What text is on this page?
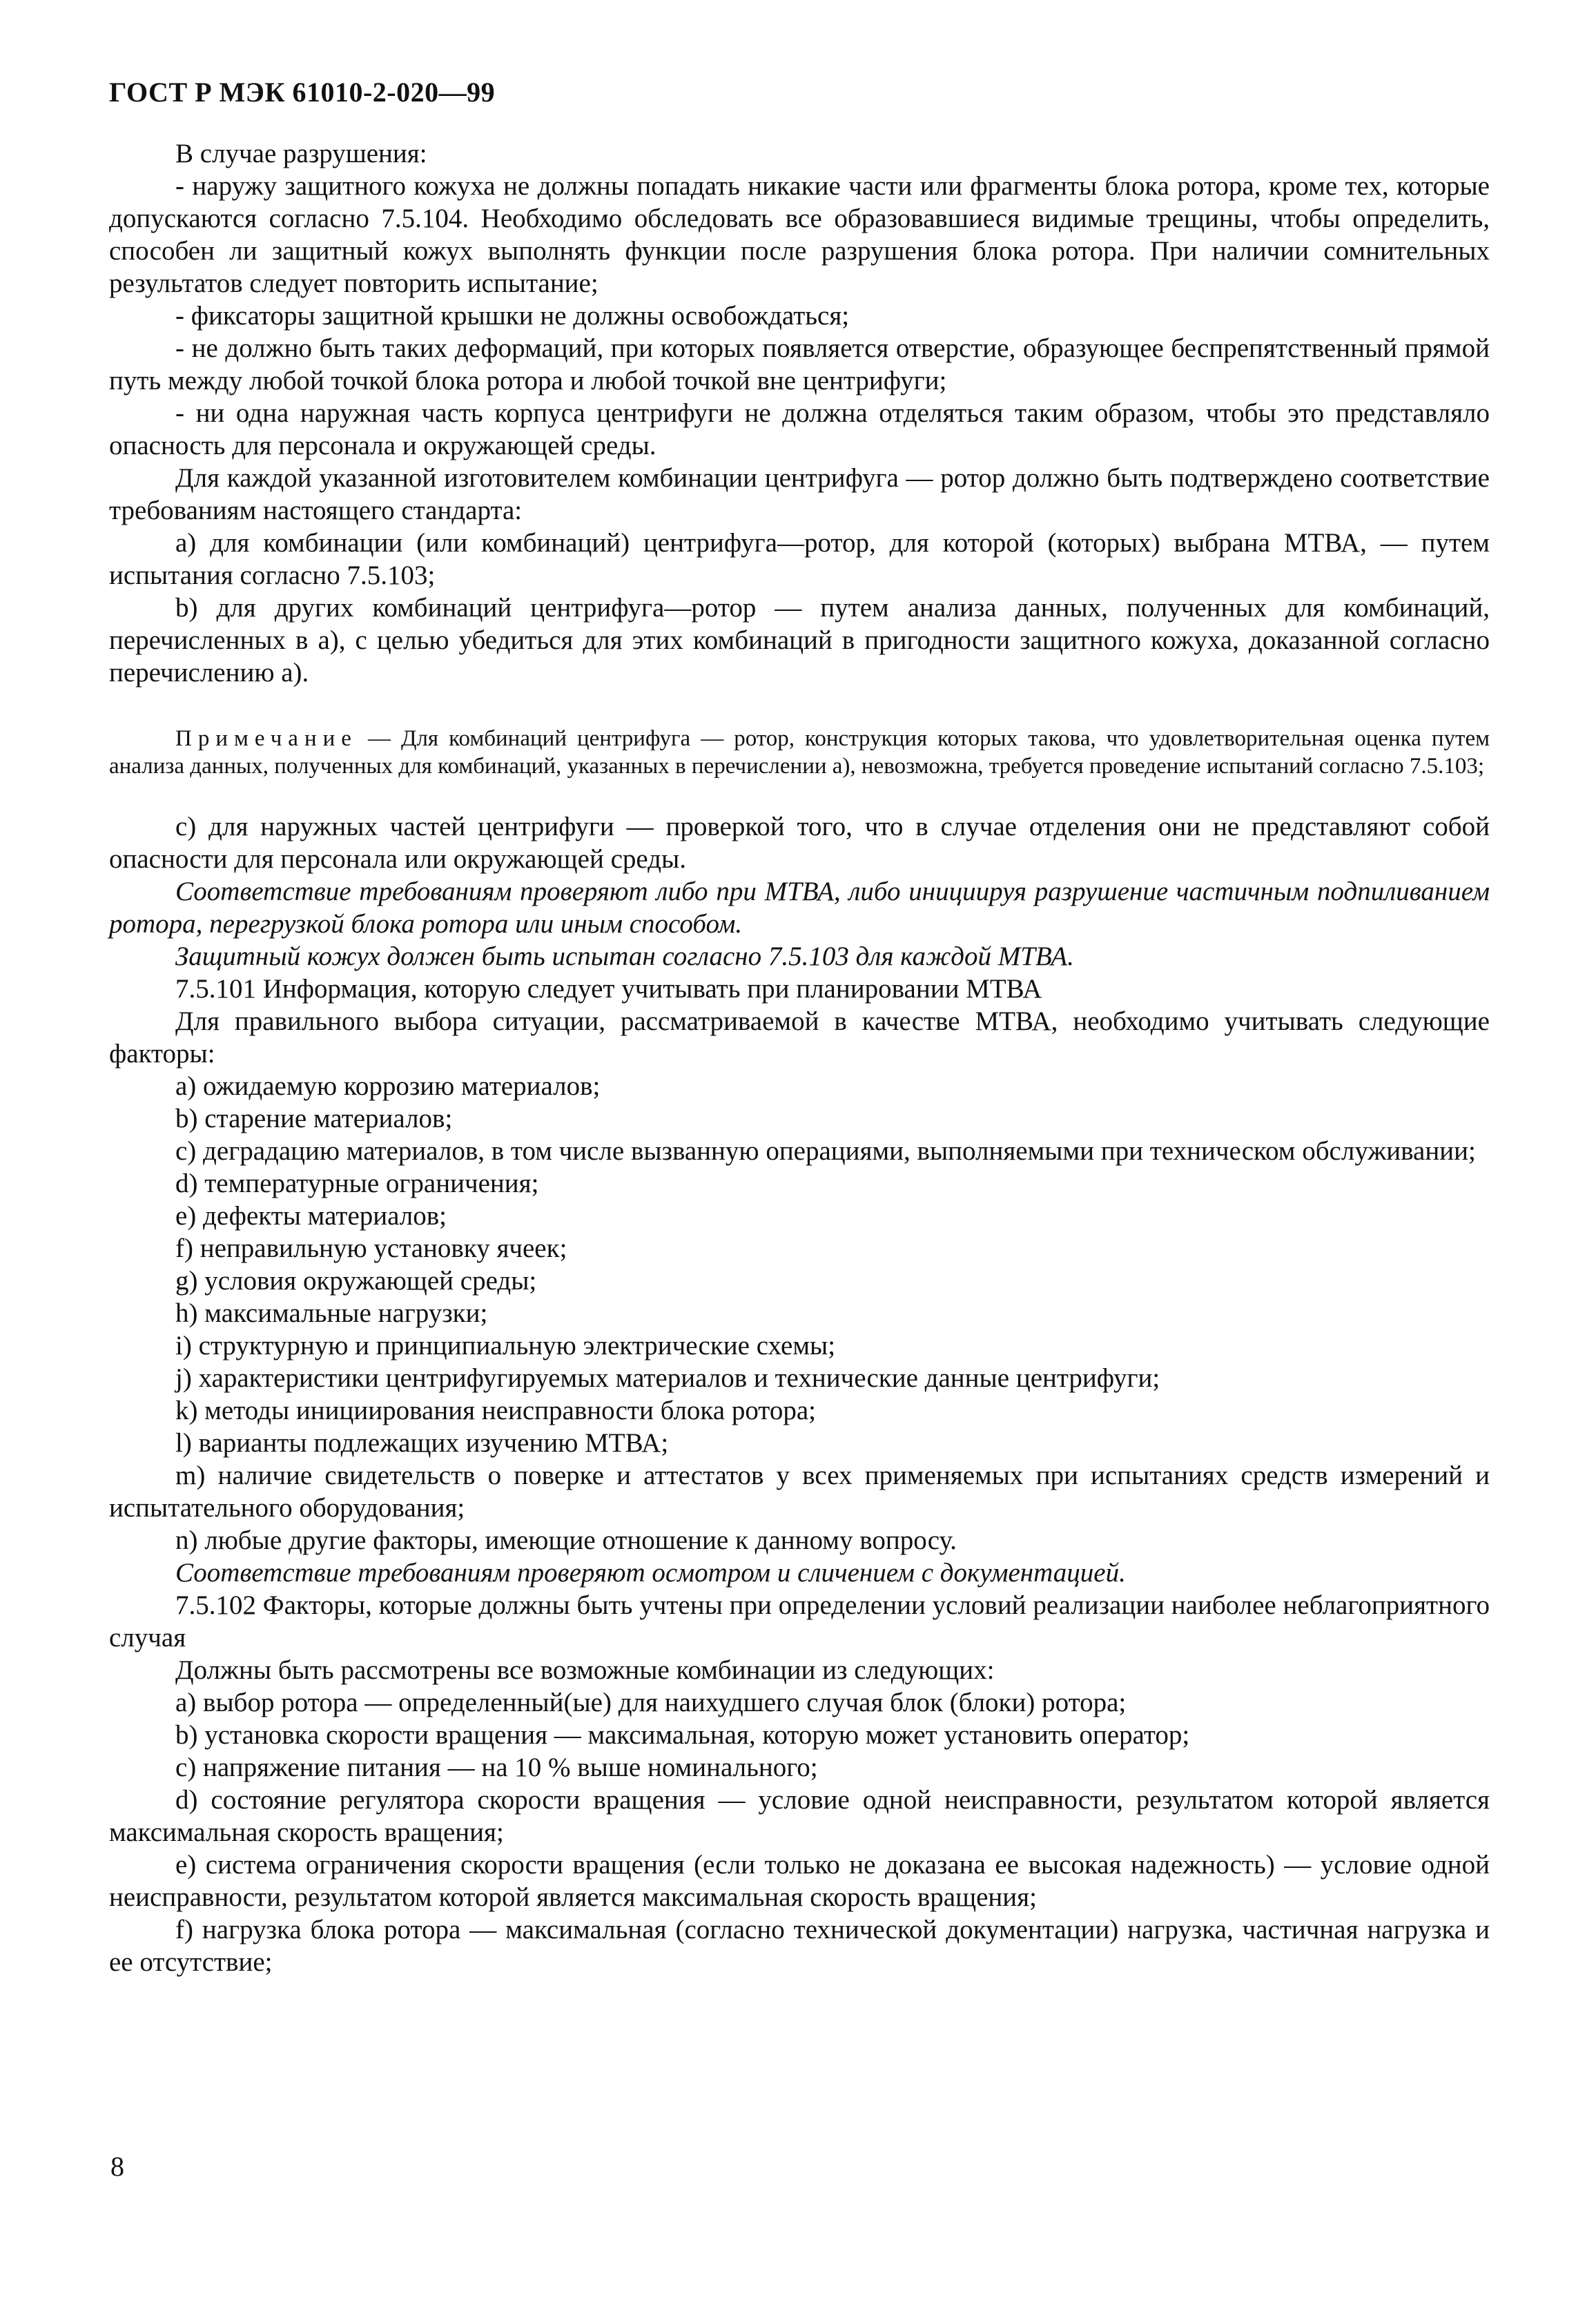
ГОСТ Р МЭК 61010-2-020—99

В случае разрушения:

- наружу защитного кожуха не должны попадать никакие части или фрагменты блока ротора, кроме тех, которые допускаются согласно 7.5.104. Необходимо обследовать все образовавшиеся видимые трещины, чтобы определить, способен ли защитный кожух выполнять функции после разрушения блока ротора. При наличии сомнительных результатов следует повторить испытание;

- фиксаторы защитной крышки не должны освобождаться;

- не должно быть таких деформаций, при которых появляется отверстие, образующее беспрепятственный прямой путь между любой точкой блока ротора и любой точкой вне центрифуги;

- ни одна наружная часть корпуса центрифуги не должна отделяться таким образом, чтобы это представляло опасность для персонала и окружающей среды.

Для каждой указанной изготовителем комбинации центрифуга — ротор должно быть подтверждено соответствие требованиям настоящего стандарта:

a) для комбинации (или комбинаций) центрифуга—ротор, для которой (которых) выбрана МТВА, — путем испытания согласно 7.5.103;

b) для других комбинаций центрифуга—ротор — путем анализа данных, полученных для комбинаций, перечисленных в а), с целью убедиться для этих комбинаций в пригодности защитного кожуха, доказанной согласно перечислению а).

Примечание — Для комбинаций центрифуга — ротор, конструкция которых такова, что удовлетворительная оценка путем анализа данных, полученных для комбинаций, указанных в перечислении а), невозможна, требуется проведение испытаний согласно 7.5.103;

c) для наружных частей центрифуги — проверкой того, что в случае отделения они не представляют собой опасности для персонала или окружающей среды.

Соответствие требованиям проверяют либо при МТВА, либо инициируя разрушение частичным подпиливанием ротора, перегрузкой блока ротора или иным способом.

Защитный кожух должен быть испытан согласно 7.5.103 для каждой МТВА.

7.5.101 Информация, которую следует учитывать при планировании МТВА

Для правильного выбора ситуации, рассматриваемой в качестве МТВА, необходимо учитывать следующие факторы:

a) ожидаемую коррозию материалов;

b) старение материалов;

c) деградацию материалов, в том числе вызванную операциями, выполняемыми при техническом обслуживании;

d) температурные ограничения;

e) дефекты материалов;

f) неправильную установку ячеек;

g) условия окружающей среды;

h) максимальные нагрузки;

i) структурную и принципиальную электрические схемы;

j) характеристики центрифугируемых материалов и технические данные центрифуги;

k) методы инициирования неисправности блока ротора;

l) варианты подлежащих изучению МТВА;

m) наличие свидетельств о поверке и аттестатов у всех применяемых при испытаниях средств измерений и испытательного оборудования;

n) любые другие факторы, имеющие отношение к данному вопросу.

Соответствие требованиям проверяют осмотром и сличением с документацией.

7.5.102 Факторы, которые должны быть учтены при определении условий реализации наиболее неблагоприятного случая

Должны быть рассмотрены все возможные комбинации из следующих:

a) выбор ротора — определенный(ые) для наихудшего случая блок (блоки) ротора;

b) установка скорости вращения — максимальная, которую может установить оператор;

c) напряжение питания — на 10 % выше номинального;

d) состояние регулятора скорости вращения — условие одной неисправности, результатом которой является максимальная скорость вращения;

e) система ограничения скорости вращения (если только не доказана ее высокая надежность) — условие одной неисправности, результатом которой является максимальная скорость вращения;

f) нагрузка блока ротора — максимальная (согласно технической документации) нагрузка, частичная нагрузка и ее отсутствие;

8
